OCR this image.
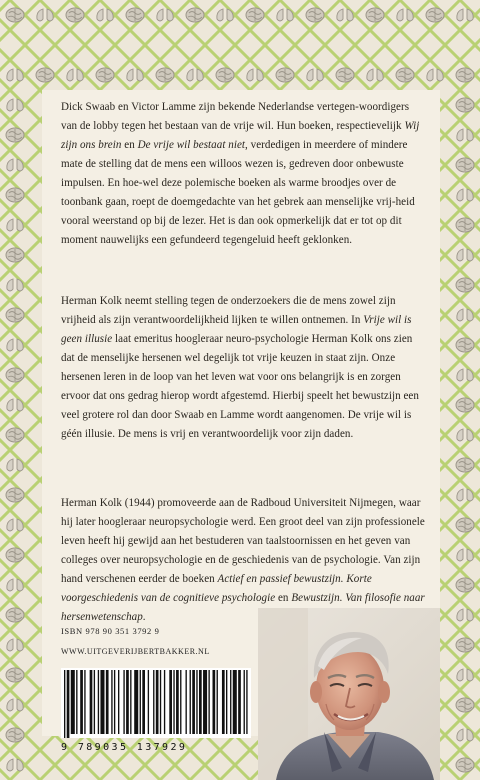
Dick Swaab en Victor Lamme zijn bekende Nederlandse vertegen-woordigers van de lobby tegen het bestaan van de vrije wil. Hun boeken, respectievelijk Wij zijn ons brein en De vrije wil bestaat niet, verdedigen in meerdere of mindere mate de stelling dat de mens een willoos wezen is, gedreven door onbewuste impulsen. En hoe-wel deze polemische boeken als warme broodjes over de toonbank gaan, roept de doemgedachte van het gebrek aan menselijke vrij-heid vooral weerstand op bij de lezer. Het is dan ook opmerkelijk dat er tot op dit moment nauwelijks een gefundeerd tegengeluid heeft geklonken.

Herman Kolk neemt stelling tegen de onderzoekers die de mens zowel zijn vrijheid als zijn verantwoordelijkheid lijken te willen ontnemen. In Vrije wil is geen illusie laat emeritus hoogleraar neuro-psychologie Herman Kolk ons zien dat de menselijke hersenen wel degelijk tot vrije keuzen in staat zijn. Onze hersenen leren in de loop van het leven wat voor ons belangrijk is en zorgen ervoor dat ons gedrag hierop wordt afgestemd. Hierbij speelt het bewustzijn een veel grotere rol dan door Swaab en Lamme wordt aangenomen. De vrije wil is géén illusie. De mens is vrij en verantwoordelijk voor zijn daden.

Herman Kolk (1944) promoveerde aan de Radboud Universiteit Nijmegen, waar hij later hoogleraar neuropsychologie werd. Een groot deel van zijn professionele leven heeft hij gewijd aan het bestuderen van taalstoornissen en het geven van colleges over neuropsychologie en de geschiedenis van de psychologie. Van zijn hand verschenen eerder de boeken Actief en passief bewustzijn. Korte voorgeschiedenis van de cognitieve psychologie en Bewustzijn. Van filosofie naar hersenwetenschap.

ISBN 978 90 351 3792 9
WWW.UITGEVERIJBERTBAKKER.NL
9 789035 137929
